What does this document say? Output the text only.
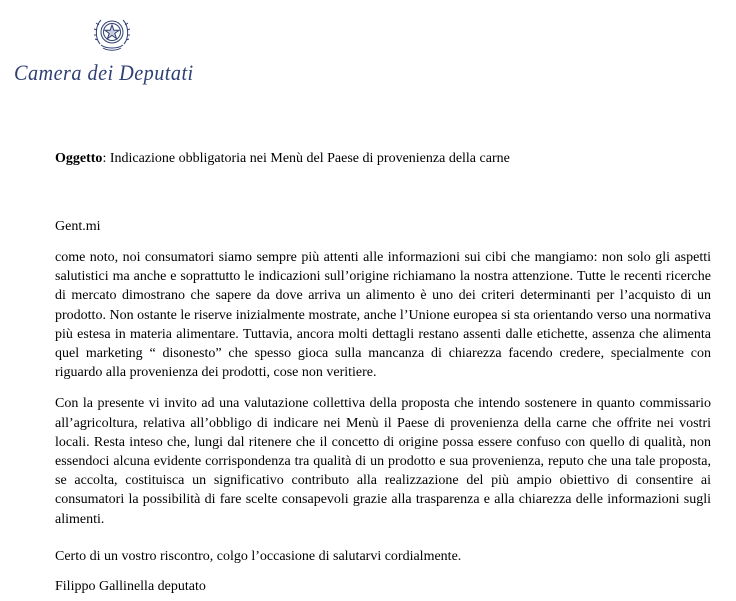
Camera dei Deputati
Oggetto: Indicazione obbligatoria nei Menù del Paese di provenienza della carne
Gent.mi

come noto, noi consumatori siamo sempre più attenti alle informazioni sui cibi che mangiamo: non solo gli aspetti salutistici ma anche e soprattutto le indicazioni sull’origine richiamano la nostra attenzione. Tutte le recenti ricerche di mercato dimostrano che sapere da dove arriva un alimento è uno dei criteri determinanti per l’acquisto di un prodotto. Non ostante le riserve inizialmente mostrate, anche l’Unione europea si sta orientando verso una normativa più estesa in materia alimentare. Tuttavia, ancora molti dettagli restano assenti dalle etichette, assenza che alimenta quel marketing “ disonesto” che spesso gioca sulla mancanza di chiarezza facendo credere, specialmente con riguardo alla provenienza dei prodotti, cose non veritiere.

Con la presente vi invito ad una valutazione collettiva della proposta che intendo sostenere in quanto commissario all’agricoltura, relativa all’obbligo di indicare nei Menù il Paese di provenienza della carne che offrite nei vostri locali. Resta inteso che, lungi dal ritenere che il concetto di origine possa essere confuso con quello di qualità, non essendoci alcuna evidente corrispondenza tra qualità di un prodotto e sua provenienza, reputo che una tale proposta, se accolta, costituisca un significativo contributo alla realizzazione del più ampio obiettivo di consentire ai consumatori la possibilità di fare scelte consapevoli grazie alla trasparenza e alla chiarezza delle informazioni sugli alimenti.

Certo di un vostro riscontro, colgo l’occasione di salutarvi cordialmente.
Filippo Gallinella deputato
